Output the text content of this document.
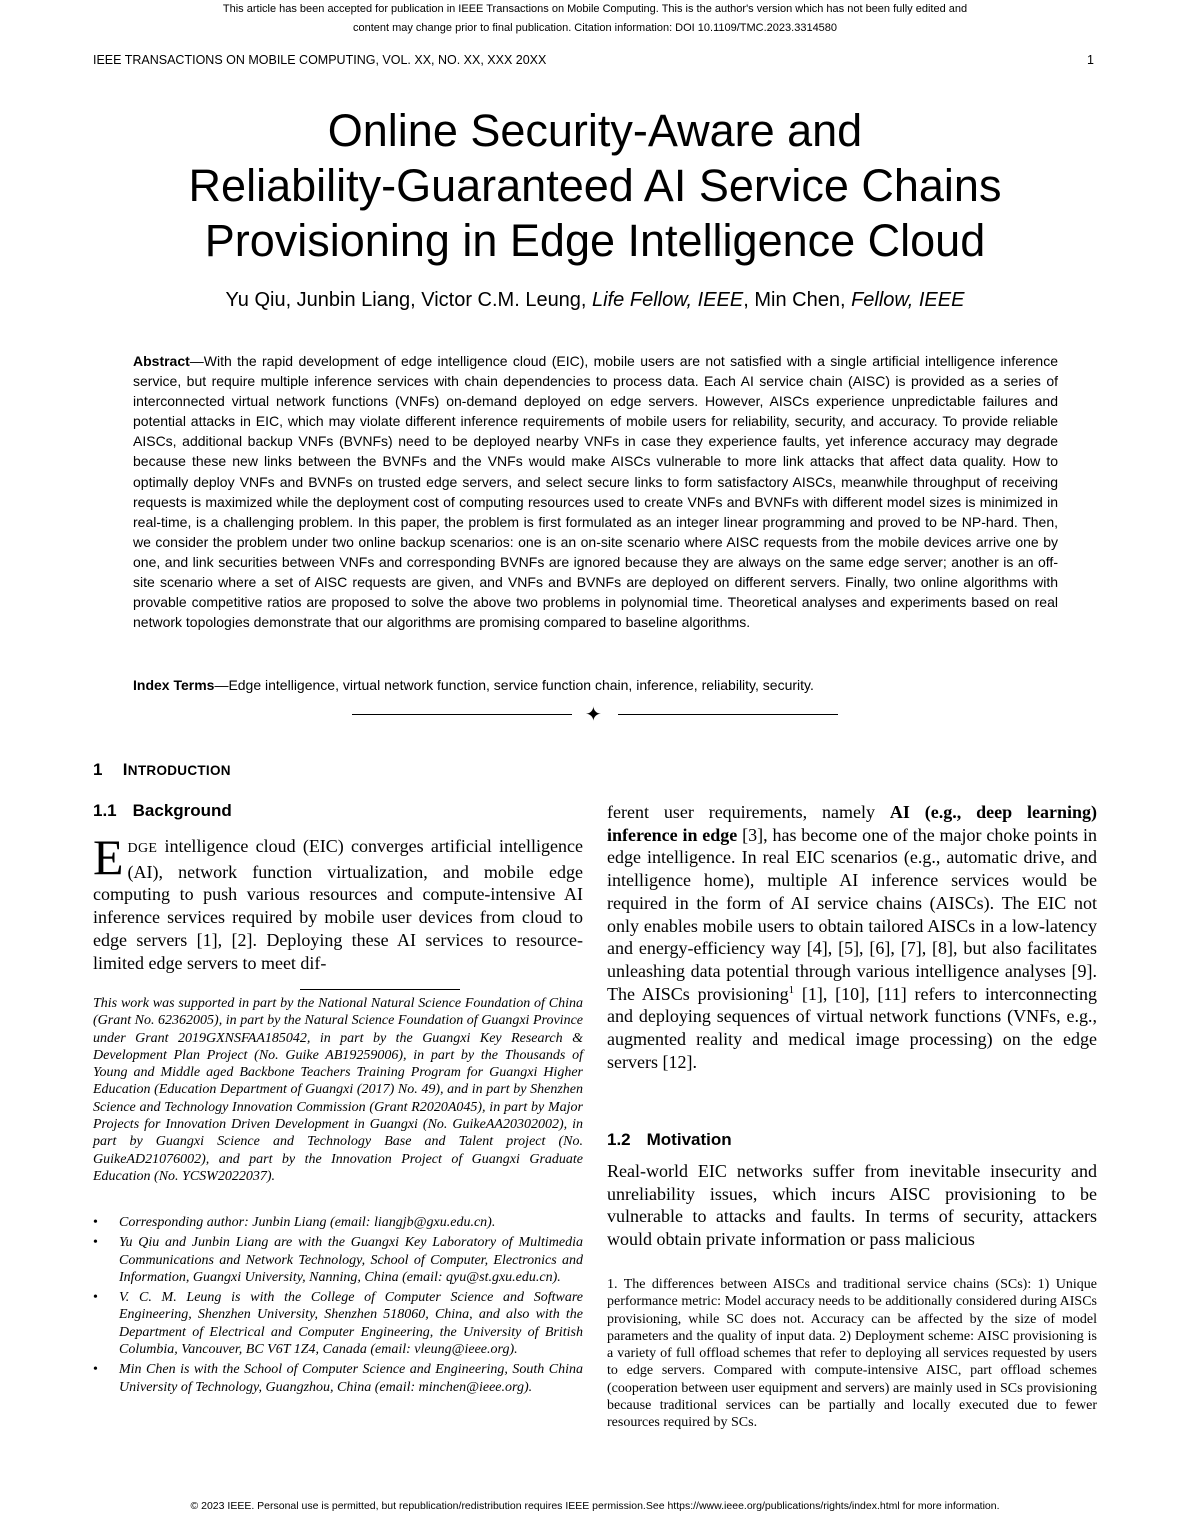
This article has been accepted for publication in IEEE Transactions on Mobile Computing. This is the author's version which has not been fully edited and
content may change prior to final publication. Citation information: DOI 10.1109/TMC.2023.3314580
IEEE TRANSACTIONS ON MOBILE COMPUTING, VOL. XX, NO. XX, XXX 20XX	1
Online Security-Aware and
Reliability-Guaranteed AI Service Chains
Provisioning in Edge Intelligence Cloud
Yu Qiu, Junbin Liang, Victor C.M. Leung, Life Fellow, IEEE, Min Chen, Fellow, IEEE
Abstract—With the rapid development of edge intelligence cloud (EIC), mobile users are not satisfied with a single artificial intelligence inference service, but require multiple inference services with chain dependencies to process data. Each AI service chain (AISC) is provided as a series of interconnected virtual network functions (VNFs) on-demand deployed on edge servers. However, AISCs experience unpredictable failures and potential attacks in EIC, which may violate different inference requirements of mobile users for reliability, security, and accuracy. To provide reliable AISCs, additional backup VNFs (BVNFs) need to be deployed nearby VNFs in case they experience faults, yet inference accuracy may degrade because these new links between the BVNFs and the VNFs would make AISCs vulnerable to more link attacks that affect data quality. How to optimally deploy VNFs and BVNFs on trusted edge servers, and select secure links to form satisfactory AISCs, meanwhile throughput of receiving requests is maximized while the deployment cost of computing resources used to create VNFs and BVNFs with different model sizes is minimized in real-time, is a challenging problem. In this paper, the problem is first formulated as an integer linear programming and proved to be NP-hard. Then, we consider the problem under two online backup scenarios: one is an on-site scenario where AISC requests from the mobile devices arrive one by one, and link securities between VNFs and corresponding BVNFs are ignored because they are always on the same edge server; another is an off-site scenario where a set of AISC requests are given, and VNFs and BVNFs are deployed on different servers. Finally, two online algorithms with provable competitive ratios are proposed to solve the above two problems in polynomial time. Theoretical analyses and experiments based on real network topologies demonstrate that our algorithms are promising compared to baseline algorithms.
Index Terms—Edge intelligence, virtual network function, service function chain, inference, reliability, security.
✦
1 INTRODUCTION
1.1 Background
EDGE intelligence cloud (EIC) converges artificial intelligence (AI), network function virtualization, and mobile edge computing to push various resources and compute-intensive AI inference services required by mobile user devices from cloud to edge servers [1], [2]. Deploying these AI services to resource-limited edge servers to meet dif-
This work was supported in part by the National Natural Science Foundation of China (Grant No. 62362005), in part by the Natural Science Foundation of Guangxi Province under Grant 2019GXNSFAA185042, in part by the Guangxi Key Research & Development Plan Project (No. Guike AB19259006), in part by the Thousands of Young and Middle aged Backbone Teachers Training Program for Guangxi Higher Education (Education Department of Guangxi (2017) No. 49), and in part by Shenzhen Science and Technology Innovation Commission (Grant R2020A045), in part by Major Projects for Innovation Driven Development in Guangxi (No. GuikeAA20302002), in part by Guangxi Science and Technology Base and Talent project (No. GuikeAD21076002), and part by the Innovation Project of Guangxi Graduate Education (No. YCSW2022037).
• Corresponding author: Junbin Liang (email: liangjb@gxu.edu.cn).
• Yu Qiu and Junbin Liang are with the Guangxi Key Laboratory of Multimedia Communications and Network Technology, School of Computer, Electronics and Information, Guangxi University, Nanning, China (email: qyu@st.gxu.edu.cn).
• V. C. M. Leung is with the College of Computer Science and Software Engineering, Shenzhen University, Shenzhen 518060, China, and also with the Department of Electrical and Computer Engineering, the University of British Columbia, Vancouver, BC V6T 1Z4, Canada (email: vleung@ieee.org).
• Min Chen is with the School of Computer Science and Engineering, South China University of Technology, Guangzhou, China (email: minchen@ieee.org).
ferent user requirements, namely AI (e.g., deep learning) inference in edge [3], has become one of the major choke points in edge intelligence. In real EIC scenarios (e.g., automatic drive, and intelligence home), multiple AI inference services would be required in the form of AI service chains (AISCs). The EIC not only enables mobile users to obtain tailored AISCs in a low-latency and energy-efficiency way [4], [5], [6], [7], [8], but also facilitates unleashing data potential through various intelligence analyses [9]. The AISCs provisioning$^1$ [1], [10], [11] refers to interconnecting and deploying sequences of virtual network functions (VNFs, e.g., augmented reality and medical image processing) on the edge servers [12].
1.2 Motivation
Real-world EIC networks suffer from inevitable insecurity and unreliability issues, which incurs AISC provisioning to be vulnerable to attacks and faults. In terms of security, attackers would obtain private information or pass malicious
1. The differences between AISCs and traditional service chains (SCs): 1) Unique performance metric: Model accuracy needs to be additionally considered during AISCs provisioning, while SC does not. Accuracy can be affected by the size of model parameters and the quality of input data. 2) Deployment scheme: AISC provisioning is a variety of full offload schemes that refer to deploying all services requested by users to edge servers. Compared with compute-intensive AISC, part offload schemes (cooperation between user equipment and servers) are mainly used in SCs provisioning because traditional services can be partially and locally executed due to fewer resources required by SCs.
© 2023 IEEE. Personal use is permitted, but republication/redistribution requires IEEE permission.See https://www.ieee.org/publications/rights/index.html for more information.
